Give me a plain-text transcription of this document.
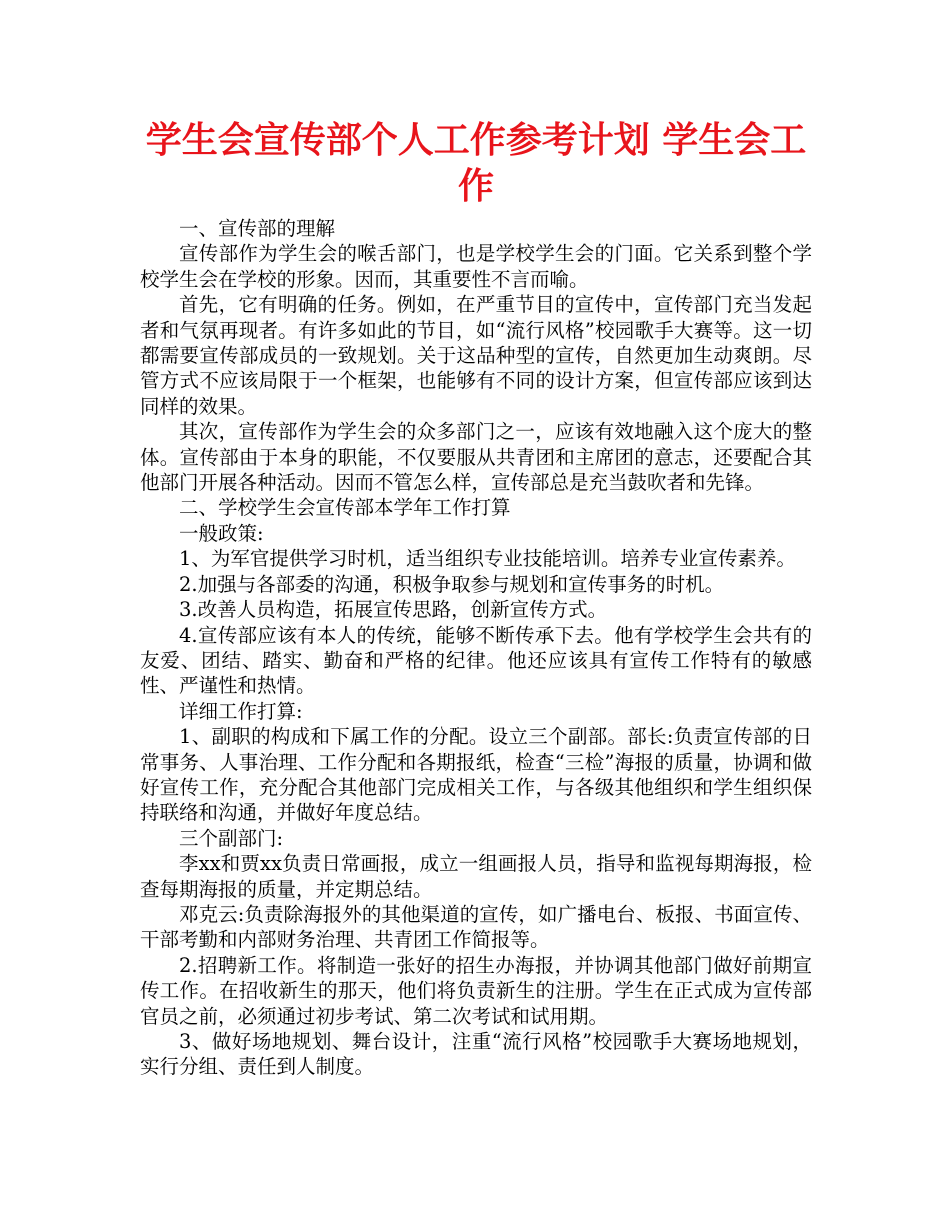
学生会宣传部个人工作参考计划 学生会工作

一、宣传部的理解

宣传部作为学生会的喉舌部门，也是学校学生会的门面。它关系到整个学校学生会在学校的形象。因而，其重要性不言而喻。

首先，它有明确的任务。例如，在严重节目的宣传中，宣传部门充当发起者和气氛再现者。有许多如此的节目，如“流行风格”校园歌手大赛等。这一切都需要宣传部成员的一致规划。关于这品种型的宣传，自然更加生动爽朗。尽管方式不应该局限于一个框架，也能够有不同的设计方案，但宣传部应该到达同样的效果。

其次，宣传部作为学生会的众多部门之一，应该有效地融入这个庞大的整体。宣传部由于本身的职能，不仅要服从共青团和主席团的意志，还要配合其他部门开展各种活动。因而不管怎么样，宣传部总是充当鼓吹者和先锋。

二、学校学生会宣传部本学年工作打算

一般政策:

1、为军官提供学习时机，适当组织专业技能培训。培养专业宣传素养。

2.加强与各部委的沟通，积极争取参与规划和宣传事务的时机。

3.改善人员构造，拓展宣传思路，创新宣传方式。

4.宣传部应该有本人的传统，能够不断传承下去。他有学校学生会共有的友爱、团结、踏实、勤奋和严格的纪律。他还应该具有宣传工作特有的敏感性、严谨性和热情。

详细工作打算:

1、副职的构成和下属工作的分配。设立三个副部。部长:负责宣传部的日常事务、人事治理、工作分配和各期报纸，检查“三检”海报的质量，协调和做好宣传工作，充分配合其他部门完成相关工作，与各级其他组织和学生组织保持联络和沟通，并做好年度总结。

三个副部门:

李xx和贾xx负责日常画报，成立一组画报人员，指导和监视每期海报，检查每期海报的质量，并定期总结。

邓克云:负责除海报外的其他渠道的宣传，如广播电台、板报、书面宣传、干部考勤和内部财务治理、共青团工作简报等。

2.招聘新工作。将制造一张好的招生办海报，并协调其他部门做好前期宣传工作。在招收新生的那天，他们将负责新生的注册。学生在正式成为宣传部官员之前，必须通过初步考试、第二次考试和试用期。

3、做好场地规划、舞台设计，注重“流行风格”校园歌手大赛场地规划，实行分组、责任到人制度。
